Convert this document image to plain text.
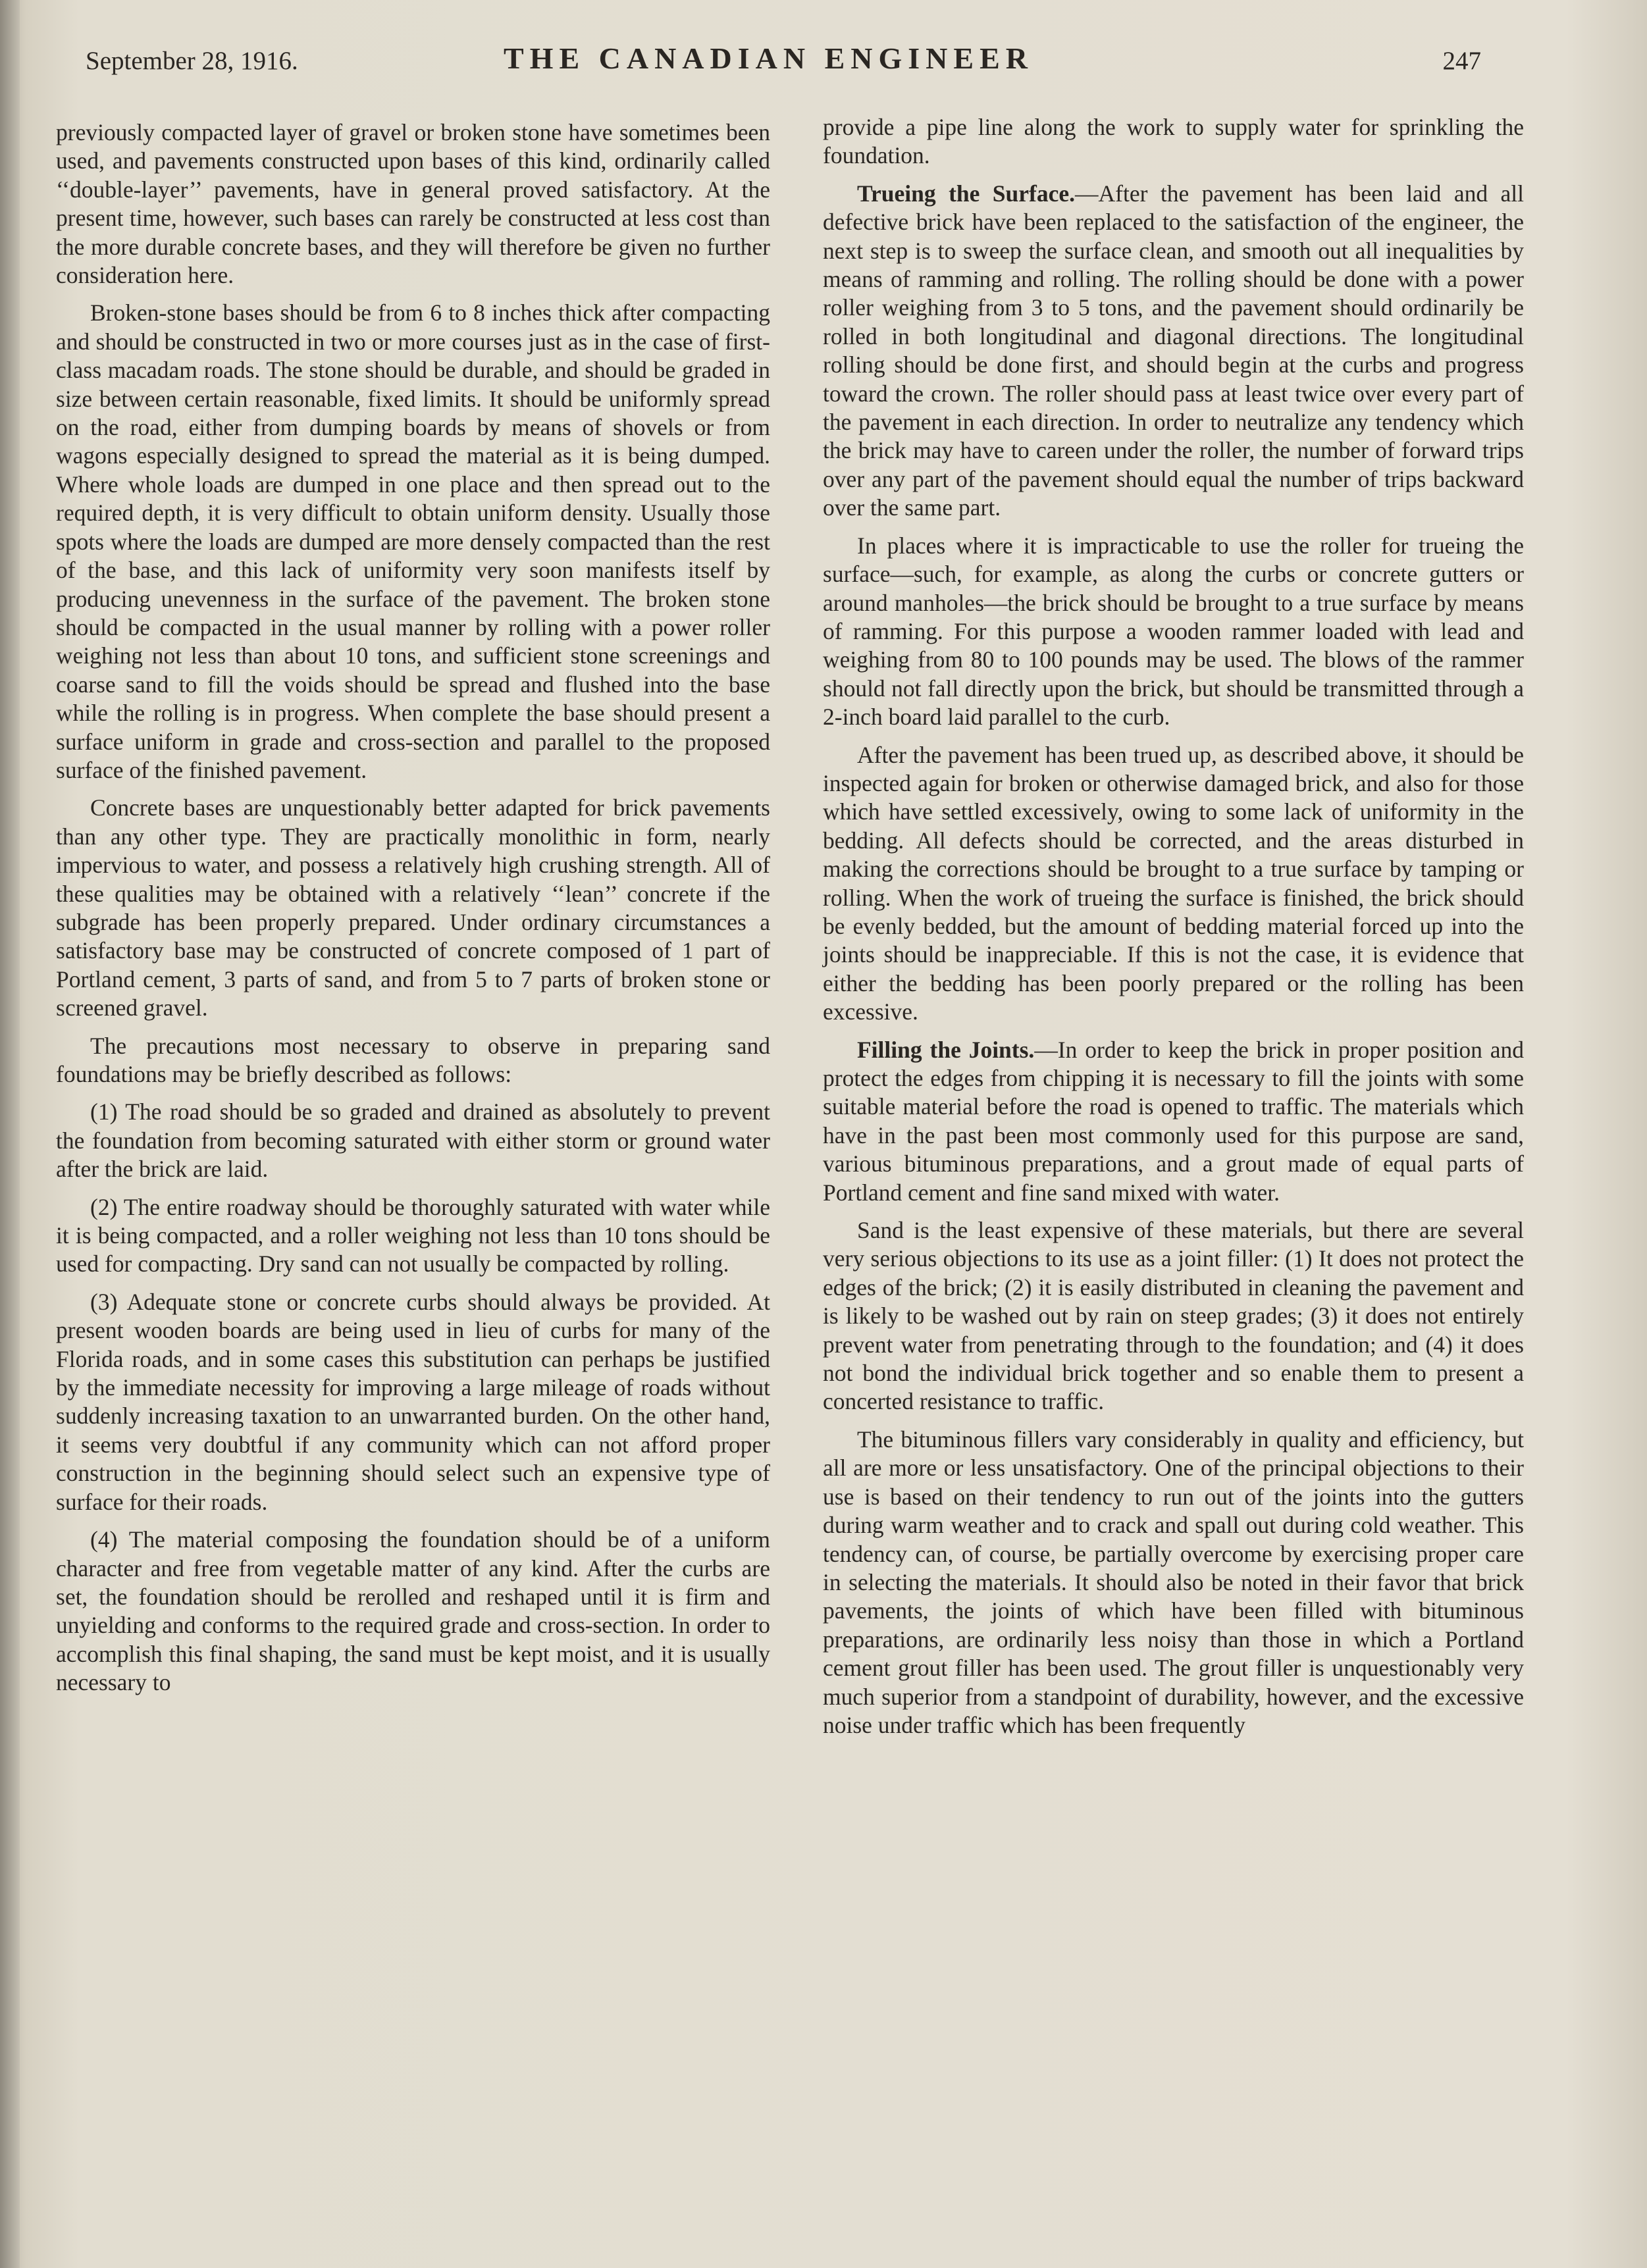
September 28, 1916.	THE CANADIAN ENGINEER	247

previously compacted layer of gravel or broken stone have sometimes been used, and pavements constructed upon bases of this kind, ordinarily called ‘‘double-layer’’ pavements, have in general proved satisfactory. At the present time, however, such bases can rarely be constructed at less cost than the more durable concrete bases, and they will therefore be given no further consideration here.

Broken-stone bases should be from 6 to 8 inches thick after compacting and should be constructed in two or more courses just as in the case of first-class macadam roads. The stone should be durable, and should be graded in size between certain reasonable, fixed limits. It should be uniformly spread on the road, either from dumping boards by means of shovels or from wagons especially designed to spread the material as it is being dumped. Where whole loads are dumped in one place and then spread out to the required depth, it is very difficult to obtain uniform density. Usually those spots where the loads are dumped are more densely compacted than the rest of the base, and this lack of uniformity very soon manifests itself by producing unevenness in the surface of the pavement. The broken stone should be compacted in the usual manner by rolling with a power roller weighing not less than about 10 tons, and sufficient stone screenings and coarse sand to fill the voids should be spread and flushed into the base while the rolling is in progress. When complete the base should present a surface uniform in grade and cross-section and parallel to the proposed surface of the finished pavement.

Concrete bases are unquestionably better adapted for brick pavements than any other type. They are practically monolithic in form, nearly impervious to water, and possess a relatively high crushing strength. All of these qualities may be obtained with a relatively ‘‘lean’’ concrete if the subgrade has been properly prepared. Under ordinary circumstances a satisfactory base may be constructed of concrete composed of 1 part of Portland cement, 3 parts of sand, and from 5 to 7 parts of broken stone or screened gravel.

The precautions most necessary to observe in preparing sand foundations may be briefly described as follows:

(1) The road should be so graded and drained as absolutely to prevent the foundation from becoming saturated with either storm or ground water after the brick are laid.

(2) The entire roadway should be thoroughly saturated with water while it is being compacted, and a roller weighing not less than 10 tons should be used for compacting. Dry sand can not usually be compacted by rolling.

(3) Adequate stone or concrete curbs should always be provided. At present wooden boards are being used in lieu of curbs for many of the Florida roads, and in some cases this substitution can perhaps be justified by the immediate necessity for improving a large mileage of roads without suddenly increasing taxation to an unwarranted burden. On the other hand, it seems very doubtful if any community which can not afford proper construction in the beginning should select such an expensive type of surface for their roads.

(4) The material composing the foundation should be of a uniform character and free from vegetable matter of any kind. After the curbs are set, the foundation should be rerolled and reshaped until it is firm and unyielding and conforms to the required grade and cross-section. In order to accomplish this final shaping, the sand must be kept moist, and it is usually necessary to

provide a pipe line along the work to supply water for sprinkling the foundation.

Trueing the Surface.—After the pavement has been laid and all defective brick have been replaced to the satisfaction of the engineer, the next step is to sweep the surface clean, and smooth out all inequalities by means of ramming and rolling. The rolling should be done with a power roller weighing from 3 to 5 tons, and the pavement should ordinarily be rolled in both longitudinal and diagonal directions. The longitudinal rolling should be done first, and should begin at the curbs and progress toward the crown. The roller should pass at least twice over every part of the pavement in each direction. In order to neutralize any tendency which the brick may have to careen under the roller, the number of forward trips over any part of the pavement should equal the number of trips backward over the same part.

In places where it is impracticable to use the roller for trueing the surface—such, for example, as along the curbs or concrete gutters or around manholes—the brick should be brought to a true surface by means of ramming. For this purpose a wooden rammer loaded with lead and weighing from 80 to 100 pounds may be used. The blows of the rammer should not fall directly upon the brick, but should be transmitted through a 2-inch board laid parallel to the curb.

After the pavement has been trued up, as described above, it should be inspected again for broken or otherwise damaged brick, and also for those which have settled excessively, owing to some lack of uniformity in the bedding. All defects should be corrected, and the areas disturbed in making the corrections should be brought to a true surface by tamping or rolling. When the work of trueing the surface is finished, the brick should be evenly bedded, but the amount of bedding material forced up into the joints should be inappreciable. If this is not the case, it is evidence that either the bedding has been poorly prepared or the rolling has been excessive.

Filling the Joints.—In order to keep the brick in proper position and protect the edges from chipping it is necessary to fill the joints with some suitable material before the road is opened to traffic. The materials which have in the past been most commonly used for this purpose are sand, various bituminous preparations, and a grout made of equal parts of Portland cement and fine sand mixed with water.

Sand is the least expensive of these materials, but there are several very serious objections to its use as a joint filler: (1) It does not protect the edges of the brick; (2) it is easily distributed in cleaning the pavement and is likely to be washed out by rain on steep grades; (3) it does not entirely prevent water from penetrating through to the foundation; and (4) it does not bond the individual brick together and so enable them to present a concerted resistance to traffic.

The bituminous fillers vary considerably in quality and efficiency, but all are more or less unsatisfactory. One of the principal objections to their use is based on their tendency to run out of the joints into the gutters during warm weather and to crack and spall out during cold weather. This tendency can, of course, be partially overcome by exercising proper care in selecting the materials. It should also be noted in their favor that brick pavements, the joints of which have been filled with bituminous preparations, are ordinarily less noisy than those in which a Portland cement grout filler has been used. The grout filler is unquestionably very much superior from a standpoint of durability, however, and the excessive noise under traffic which has been frequently
